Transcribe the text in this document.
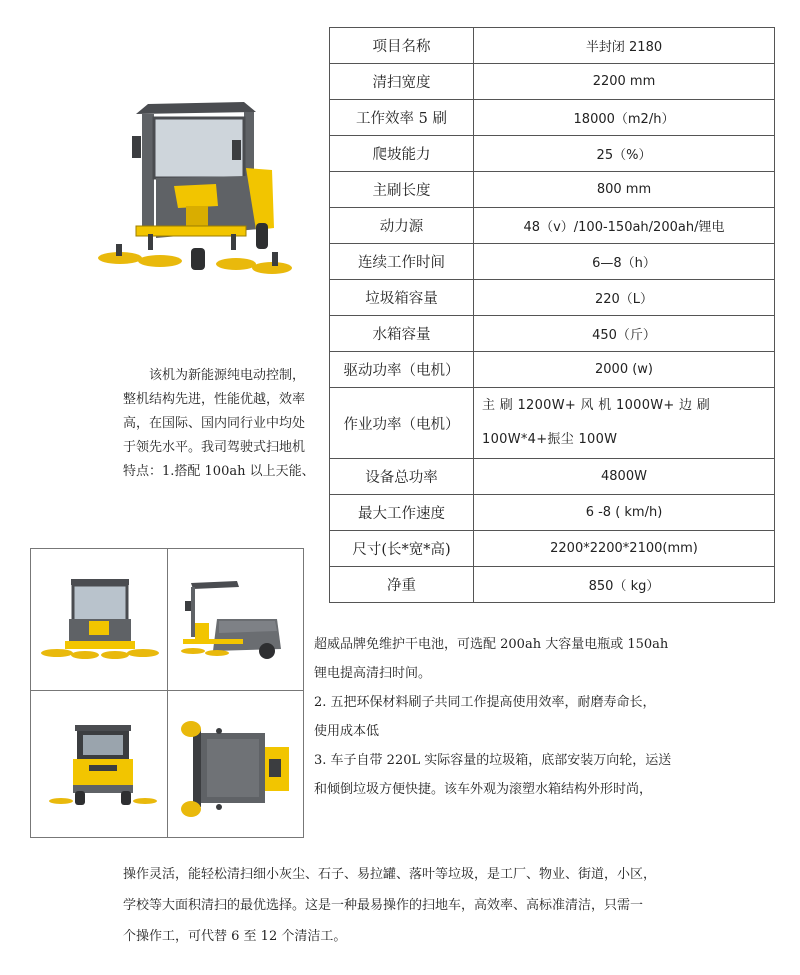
项目名称	半封闭 2180
清扫宽度	2200 mm
工作效率 5 刷	18000（m2/h）
爬坡能力	25（%）
主刷长度	800 mm
动力源	48（v）/100-150ah/200ah/锂电
连续工作时间	6—8（h）
垃圾箱容量	220（L）
水箱容量	450（斤）
驱动功率（电机）	2000 (w)
作业功率（电机）	主 刷 1200W+ 风 机 1000W+ 边 刷
100W*4+振尘 100W

设备总功率	4800W
最大工作速度	6 -8 ( km/h)
尺寸(长*宽*高)	2200*2200*2100(mm)
净重	850（ kg）

该机为新能源纯电动控制，
整机结构先进，性能优越，效率
高，在国际、国内同行业中均处
于领先水平。我司驾驶式扫地机
特点：1.搭配 100ah 以上天能、

超威品牌免维护干电池，可选配 200ah 大容量电瓶或 150ah
锂电提高清扫时间。
2. 五把环保材料刷子共同工作提高使用效率，耐磨寿命长，
使用成本低
3. 车子自带 220L 实际容量的垃圾箱，底部安装万向轮，运送
和倾倒垃圾方便快捷。该车外观为滚塑水箱结构外形时尚，

操作灵活，能轻松清扫细小灰尘、石子、易拉罐、落叶等垃圾，是工厂、物业、街道，小区，
学校等大面积清扫的最优选择。这是一种最易操作的扫地车，高效率、高标准清洁，只需一
个操作工，可代替 6 至 12 个清洁工。
